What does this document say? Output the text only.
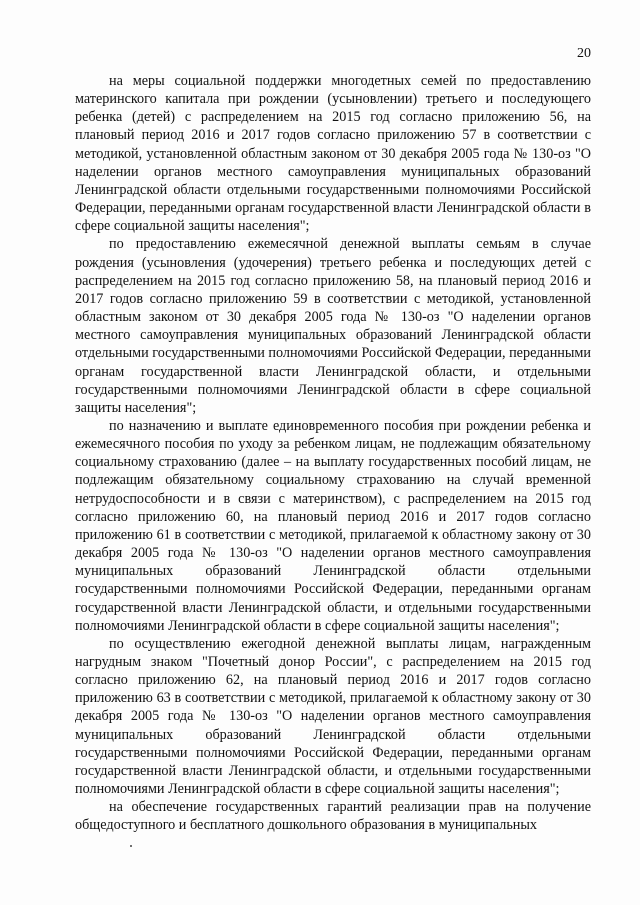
20

на меры социальной поддержки многодетных семей по предоставлению материнского капитала при рождении (усыновлении) третьего и последующего ребенка (детей) с распределением на 2015 год согласно приложению 56, на плановый период 2016 и 2017 годов согласно приложению 57 в соответствии с методикой, установленной областным законом от 30 декабря 2005 года № 130-оз "О наделении органов местного самоуправления муниципальных образований Ленинградской области отдельными государственными полномочиями Российской Федерации, переданными органам государственной власти Ленинградской области в сфере социальной защиты населения";

по предоставлению ежемесячной денежной выплаты семьям в случае рождения (усыновления (удочерения) третьего ребенка и последующих детей с распределением на 2015 год согласно приложению 58, на плановый период 2016 и 2017 годов согласно приложению 59 в соответствии с методикой, установленной областным законом от 30 декабря 2005 года № 130-оз "О наделении органов местного самоуправления муниципальных образований Ленинградской области отдельными государственными полномочиями Российской Федерации, переданными органам государственной власти Ленинградской области, и отдельными государственными полномочиями Ленинградской области в сфере социальной защиты населения";

по назначению и выплате единовременного пособия при рождении ребенка и ежемесячного пособия по уходу за ребенком лицам, не подлежащим обязательному социальному страхованию (далее – на выплату государственных пособий лицам, не подлежащим обязательному социальному страхованию на случай временной нетрудоспособности и в связи с материнством), с распределением на 2015 год согласно приложению 60, на плановый период 2016 и 2017 годов согласно приложению 61 в соответствии с методикой, прилагаемой к областному закону от 30 декабря 2005 года № 130-оз "О наделении органов местного самоуправления муниципальных образований Ленинградской области отдельными государственными полномочиями Российской Федерации, переданными органам государственной власти Ленинградской области, и отдельными государственными полномочиями Ленинградской области в сфере социальной защиты населения";

по осуществлению ежегодной денежной выплаты лицам, награжденным нагрудным знаком "Почетный донор России", с распределением на 2015 год согласно приложению 62, на плановый период 2016 и 2017 годов согласно приложению 63 в соответствии с методикой, прилагаемой к областному закону от 30 декабря 2005 года № 130-оз "О наделении органов местного самоуправления муниципальных образований Ленинградской области отдельными государственными полномочиями Российской Федерации, переданными органам государственной власти Ленинградской области, и отдельными государственными полномочиями Ленинградской области в сфере социальной защиты населения";

на обеспечение государственных гарантий реализации прав на получение общедоступного и бесплатного дошкольного образования в муниципальных
